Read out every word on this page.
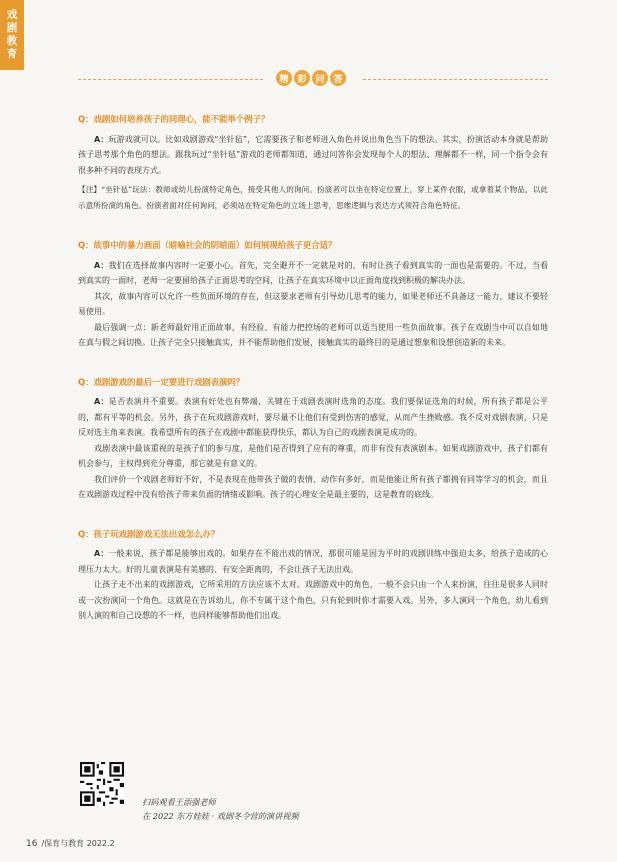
戏
剧
教
育
精 彩 问 答

Q：戏剧如何培养孩子的同理心，能不能举个例子？

A：玩游戏就可以。比如戏剧游戏“坐针毡”，它需要孩子和老师进入角色并说出角色当下的想法。其实，扮演活动本身就是帮助孩子思考那个角色的想法。跟我玩过“坐针毡”游戏的老师都知道，通过问答你会发现每个人的想法、理解都不一样，同一个指令会有很多种不同的表现方式。

【注】“坐针毡”玩法：教师或幼儿扮演特定角色，接受其他人的询问。扮演者可以坐在特定位置上，穿上某件衣服，或拿着某个物品，以此示意所扮演的角色。扮演者面对任何询问，必须站在特定角色的立场上思考，思维逻辑与表达方式须符合角色特征。

Q：故事中的暴力画面（暗喻社会的阴暗面）如何展现给孩子更合适？

A：我们在选择故事内容时一定要小心。首先，完全避开不一定就是对的，有时让孩子看到真实的一面也是需要的。不过，当看到真实的一面时，老师一定要留给孩子正面思考的空间，让孩子在真实环境中以正面角度找到积极的解决办法。

其次，故事内容可以允许一些负面环境的存在，但这要求老师有引导幼儿思考的能力，如果老师还不具备这一能力，建议不要轻易使用。

最后强调一点：新老师最好用正面故事，有经验、有能力把控场的老师可以适当使用一些负面故事。孩子在戏剧当中可以自如地在真与假之间切换。让孩子完全只接触真实，并不能帮助他们发展，接触真实的最终目的是通过想象和设想创造新的未来。

Q：戏剧游戏的最后一定要进行戏剧表演吗？

A：是否表演并不重要。表演有好处也有弊端，关键在于戏剧表演时选角的态度。我们要保证选角的时候，所有孩子都是公平的，都有平等的机会。另外，孩子在玩戏剧游戏时，要尽量不让他们有受到伤害的感觉，从而产生挫败感。我不反对戏剧表演，只是反对选主角来表演。我希望所有的孩子在戏剧中都能获得快乐，都认为自己的戏剧表演是成功的。

戏剧表演中最该重视的是孩子们的参与度，是他们是否得到了应有的尊重，而非有没有表演剧本。如果戏剧游戏中，孩子们都有机会参与，主权得到充分尊重，那它就是有意义的。

我们评价一个戏剧老师好不好，不是表现在他带孩子做的表情、动作有多好，而是他能让所有孩子都拥有同等学习的机会，而且在戏剧游戏过程中没有给孩子带来负面的情绪或影响。孩子的心理安全是最主要的，这是教育的底线。

Q：孩子玩戏剧游戏无法出戏怎么办？

A：一般来说，孩子都是能够出戏的。如果存在不能出戏的情况，那很可能是因为平时的戏剧训练中强迫太多，给孩子造成的心理压力太大。好的儿童表演是有美感的、有安全距离的，不会让孩子无法出戏。

让孩子走不出来的戏剧游戏，它所采用的方法应该不太对。戏剧游戏中的角色，一般不会只由一个人来扮演，往往是很多人同时或一次扮演同一个角色。这就是在告诉幼儿，你不专属于这个角色，只有轮到时你才需要入戏。另外，多人演同一个角色，幼儿看到别人演的和自己设想的不一样，也同样能够帮助他们出戏。

扫码观看王添强老师
在 2022 东方娃娃 · 戏剧冬令营的演讲视频
16 /保育与教育 2022.2
